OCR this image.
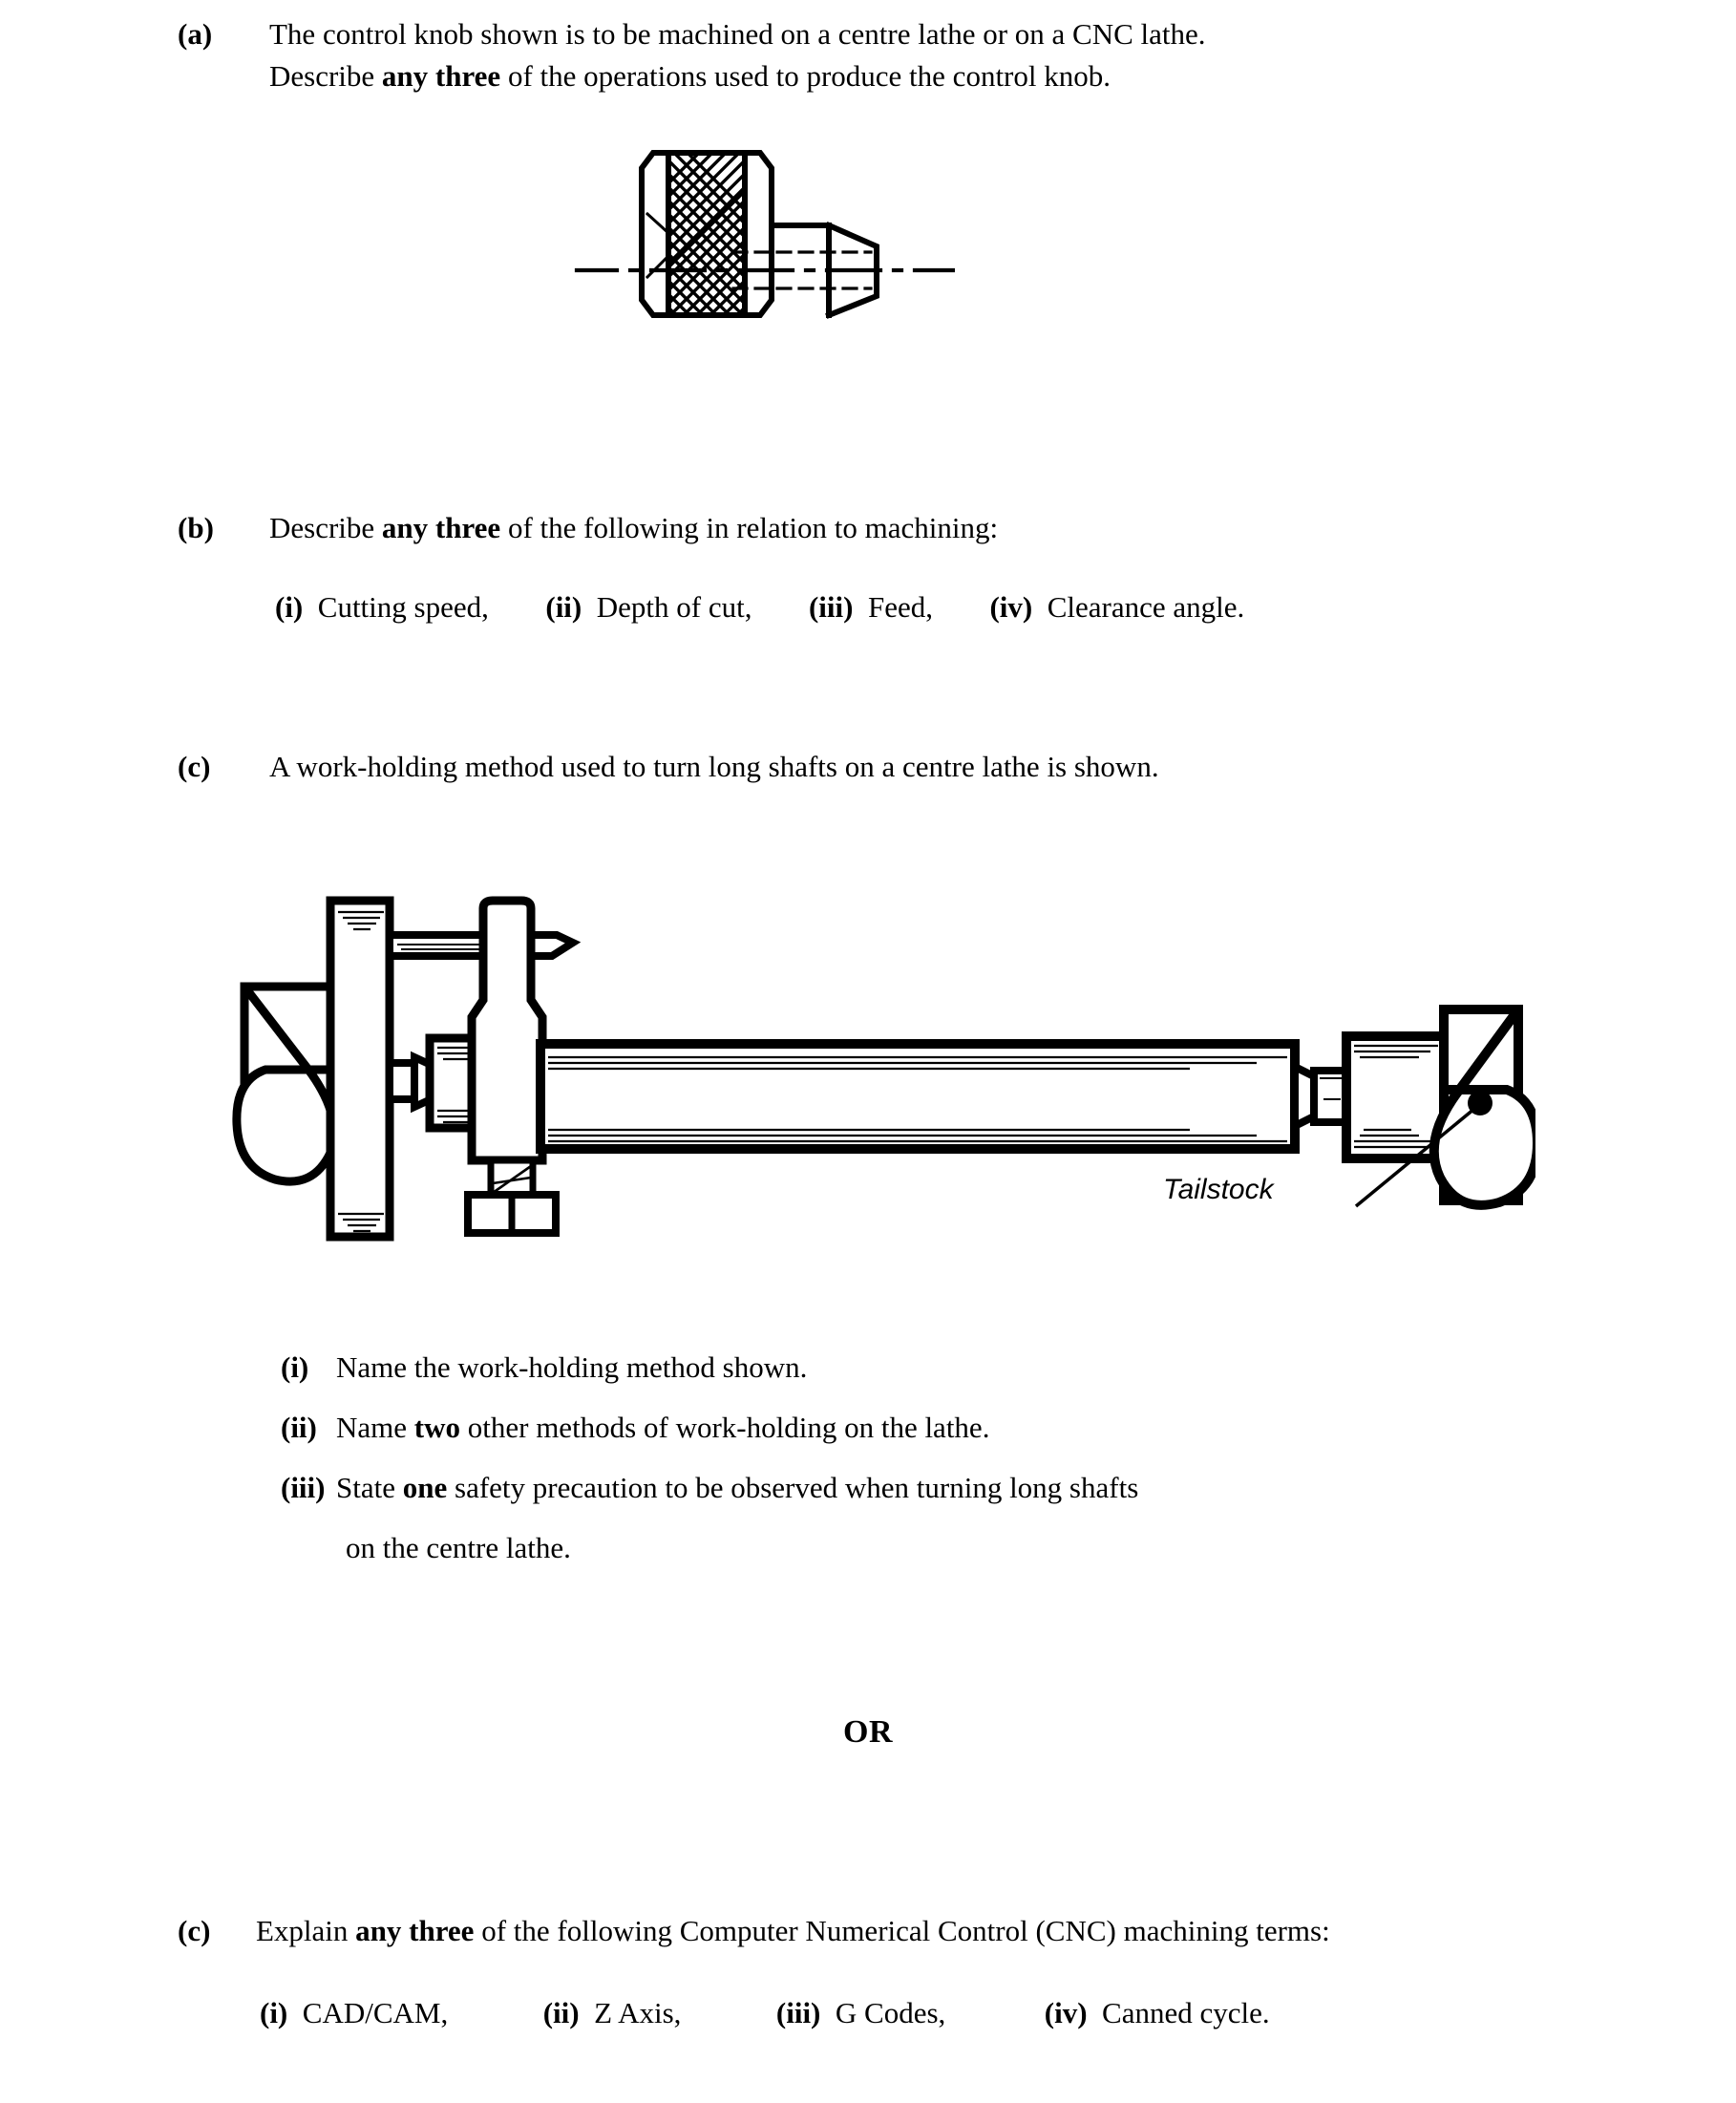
(a)	The control knob shown is to be machined on a centre lathe or on a CNC lathe.
Describe any three of the operations used to produce the control knob.
(b)	Describe any three of the following in relation to machining:
(i)  Cutting speed, (ii)  Depth of cut, (iii)  Feed, (iv)  Clearance angle.
(c)	A work-holding method used to turn long shafts on a centre lathe is shown.
Tailstock
(i) Name the work-holding method shown.
(ii) Name two other methods of work-holding on the lathe.
(iii) State one safety precaution to be observed when turning long shafts
on the centre lathe.
OR
(c)	Explain any three of the following Computer Numerical Control (CNC) machining terms:
(i)  CAD/CAM,	(ii)  Z Axis,	(iii)  G Codes,	(iv)  Canned cycle.
